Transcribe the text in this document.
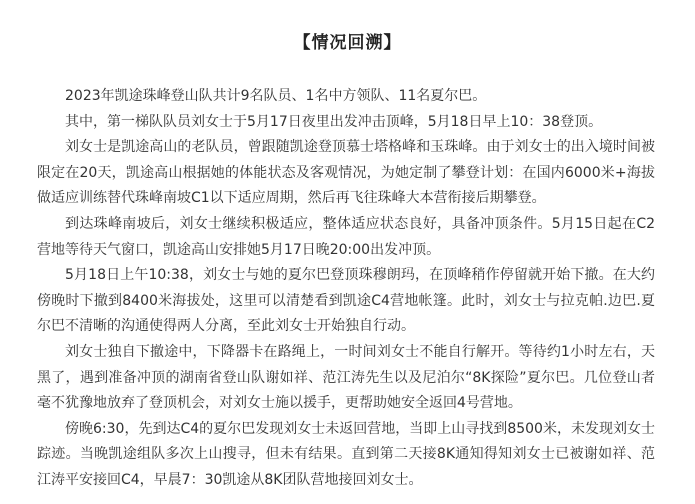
【情况回溯】

2023年凯途珠峰登山队共计9名队员、1名中方领队、11名夏尔巴。

其中，第一梯队队员刘女士于5月17日夜里出发冲击顶峰，5月18日早上10：38登顶。

刘女士是凯途高山的老队员，曾跟随凯途登顶慕士塔格峰和玉珠峰。由于刘女士的出入境时间被限定在20天，凯途高山根据她的体能状态及客观情况，为她定制了攀登计划：在国内6000米+海拔做适应训练替代珠峰南坡C1以下适应周期，然后再飞往珠峰大本营衔接后期攀登。

到达珠峰南坡后，刘女士继续积极适应，整体适应状态良好，具备冲顶条件。5月15日起在C2营地等待天气窗口，凯途高山安排她5月17日晚20:00出发冲顶。

5月18日上午10:38，刘女士与她的夏尔巴登顶珠穆朗玛，在顶峰稍作停留就开始下撤。在大约傍晚时下撤到8400米海拔处，这里可以清楚看到凯途C4营地帐篷。此时，刘女士与拉克帕.边巴.夏尔巴不清晰的沟通使得两人分离，至此刘女士开始独自行动。

刘女士独自下撤途中，下降器卡在路绳上，一时间刘女士不能自行解开。等待约1小时左右，天黑了，遇到准备冲顶的湖南省登山队谢如祥、范江涛先生以及尼泊尔“8K探险”夏尔巴。几位登山者毫不犹豫地放弃了登顶机会，对刘女士施以援手，更帮助她安全返回4号营地。

傍晚6:30，先到达C4的夏尔巴发现刘女士未返回营地，当即上山寻找到8500米，未发现刘女士踪迹。当晚凯途组队多次上山搜寻，但未有结果。直到第二天接8K通知得知刘女士已被谢如祥、范江涛平安接回C4，早晨7：30凯途从8K团队营地接回刘女士。
